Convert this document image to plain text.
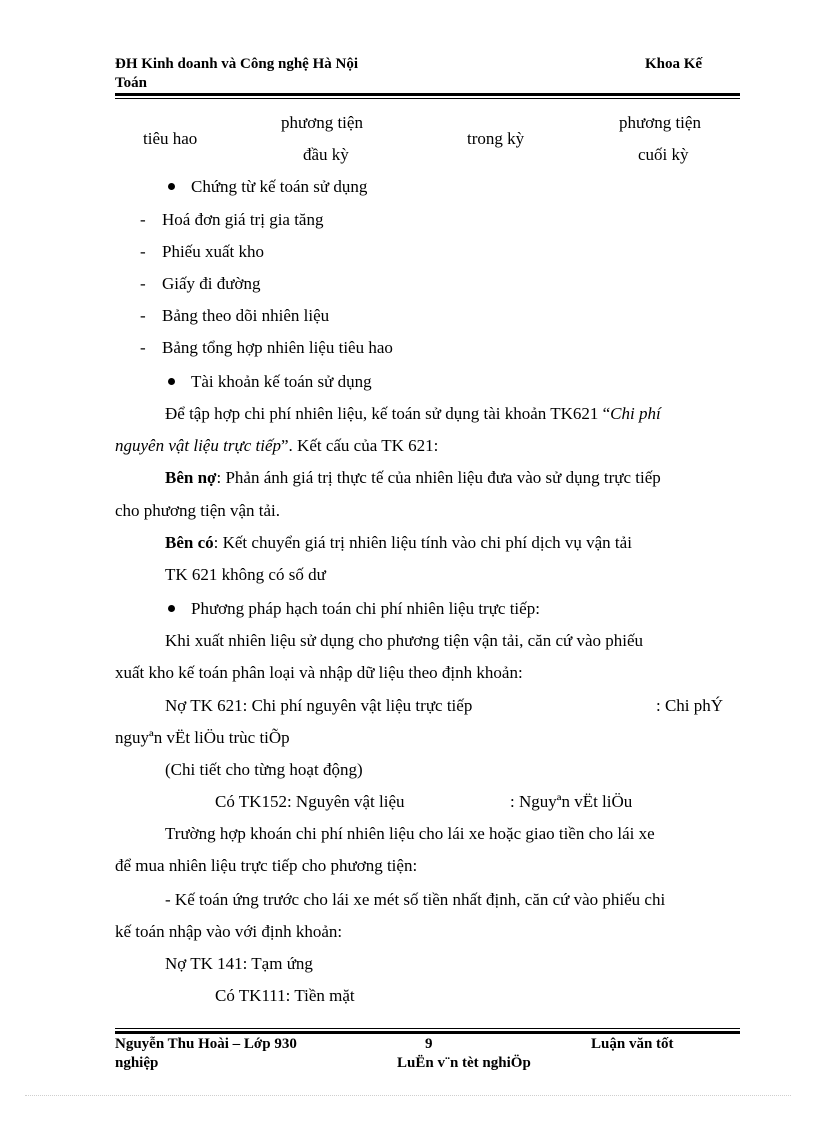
ĐH Kinh doanh và Công nghệ Hà Nội
Toán
Khoa Kế
tiêu hao
phương tiện
đầu kỳ
trong kỳ
phương tiện
cuối kỳ
Chứng từ kế toán sử dụng
- Hoá đơn giá trị gia tăng
- Phiếu xuất kho
- Giấy đi đường
- Bảng theo dõi nhiên liệu
- Bảng tổng hợp nhiên liệu tiêu hao
Tài khoản kế toán sử dụng
Để tập hợp chi phí nhiên liệu, kế toán sử dụng tài khoản TK621 “Chi phí
nguyên vật liệu trực tiếp”. Kết cấu của TK 621:
Bên nợ: Phản ánh giá trị thực tế của nhiên liệu đưa vào sử dụng trực tiếp
cho phương tiện vận tải.
Bên có: Kết chuyển giá trị nhiên liệu tính vào chi phí dịch vụ vận tải
TK 621 không có số dư
Phương pháp hạch toán chi phí nhiên liệu trực tiếp:
Khi xuất nhiên liệu sử dụng cho phương tiện vận tải, căn cứ vào phiếu
xuất kho kế toán phân loại và nhập dữ liệu theo định khoản:
Nợ TK 621: Chi phí nguyên vật liệu trực tiếp	: Chi phÝ
nguyªn vËt liÖu trùc tiÕp
(Chi tiết cho từng hoạt động)
Có TK152: Nguyên vật liệu	: Nguyªn vËt liÖu
Trường hợp khoán chi phí nhiên liệu cho lái xe hoặc giao tiền cho lái xe
để mua nhiên liệu trực tiếp cho phương tiện:
- Kế toán ứng trước cho lái xe mét số tiền nhất định, căn cứ vào phiếu chi
kế toán nhập vào với định khoản:
Nợ TK 141: Tạm ứng
Có TK111: Tiền mặt
Nguyễn Thu Hoài – Lớp 930
nghiệp
9
LuËn v¨n tèt nghiÖp
Luận văn tốt
